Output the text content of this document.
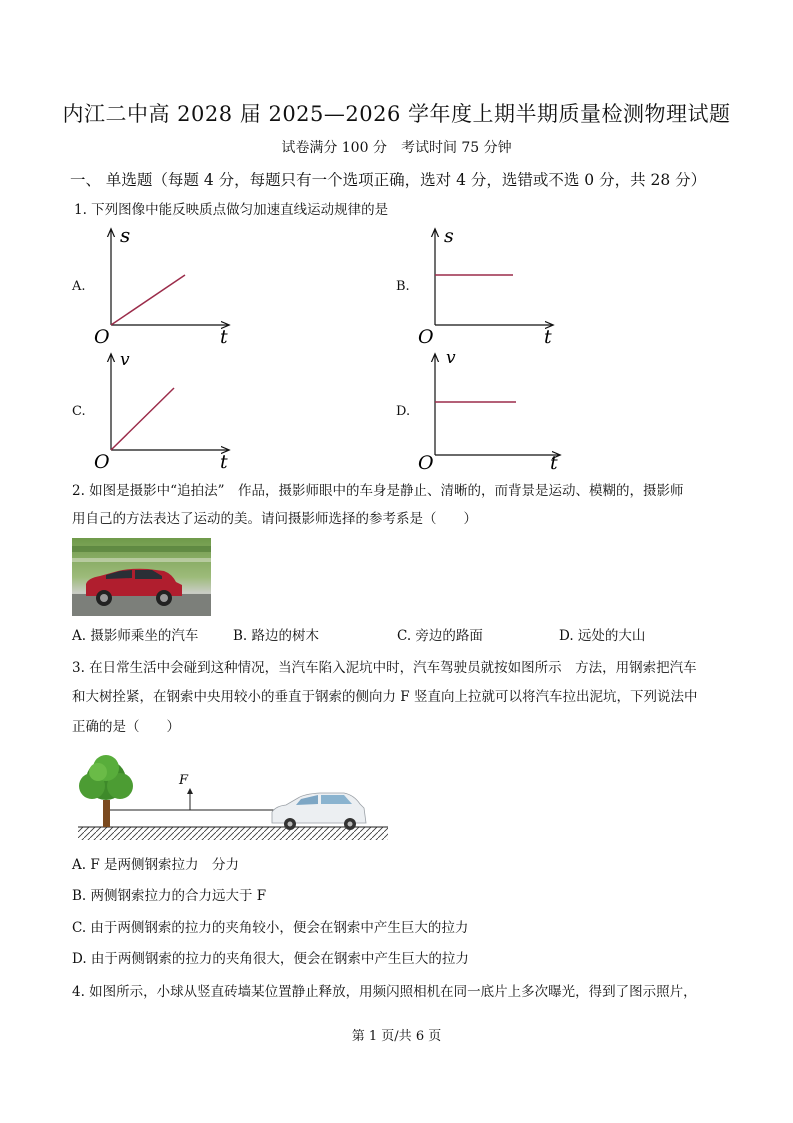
内江二中高 2028 届 2025—2026 学年度上期半期质量检测物理试题
试卷满分 100 分　考试时间 75 分钟
一、 单选题（每题 4 分，每题只有一个选项正确，选对 4 分，选错或不选 0 分，共 28 分）
1. 下列图像中能反映质点做匀加速直线运动规律的是
A.
s
t
O
B.
s
t
O
C.
v
t
O
D.
v
t
O
2. 如图是摄影中“追拍法”　作品，摄影师眼中的车身是静止、清晰的，而背景是运动、模糊的，摄影师
用自己的方法表达了运动的美。请问摄影师选择的参考系是（　　）
A. 摄影师乘坐的汽车	B. 路边的树木	C. 旁边的路面	D. 远处的大山
3. 在日常生活中会碰到这种情况，当汽车陷入泥坑中时，汽车驾驶员就按如图所示　方法，用钢索把汽车
和大树拴紧，在钢索中央用较小的垂直于钢索的侧向力 F 竖直向上拉就可以将汽车拉出泥坑，下列说法中
正确的是（　　）
F
A. F 是两侧钢索拉力　分力
B. 两侧钢索拉力的合力远大于 F
C. 由于两侧钢索的拉力的夹角较小，便会在钢索中产生巨大的拉力
D. 由于两侧钢索的拉力的夹角很大，便会在钢索中产生巨大的拉力
4. 如图所示，小球从竖直砖墙某位置静止释放，用频闪照相机在同一底片上多次曝光，得到了图示照片，
第 1 页/共 6 页
